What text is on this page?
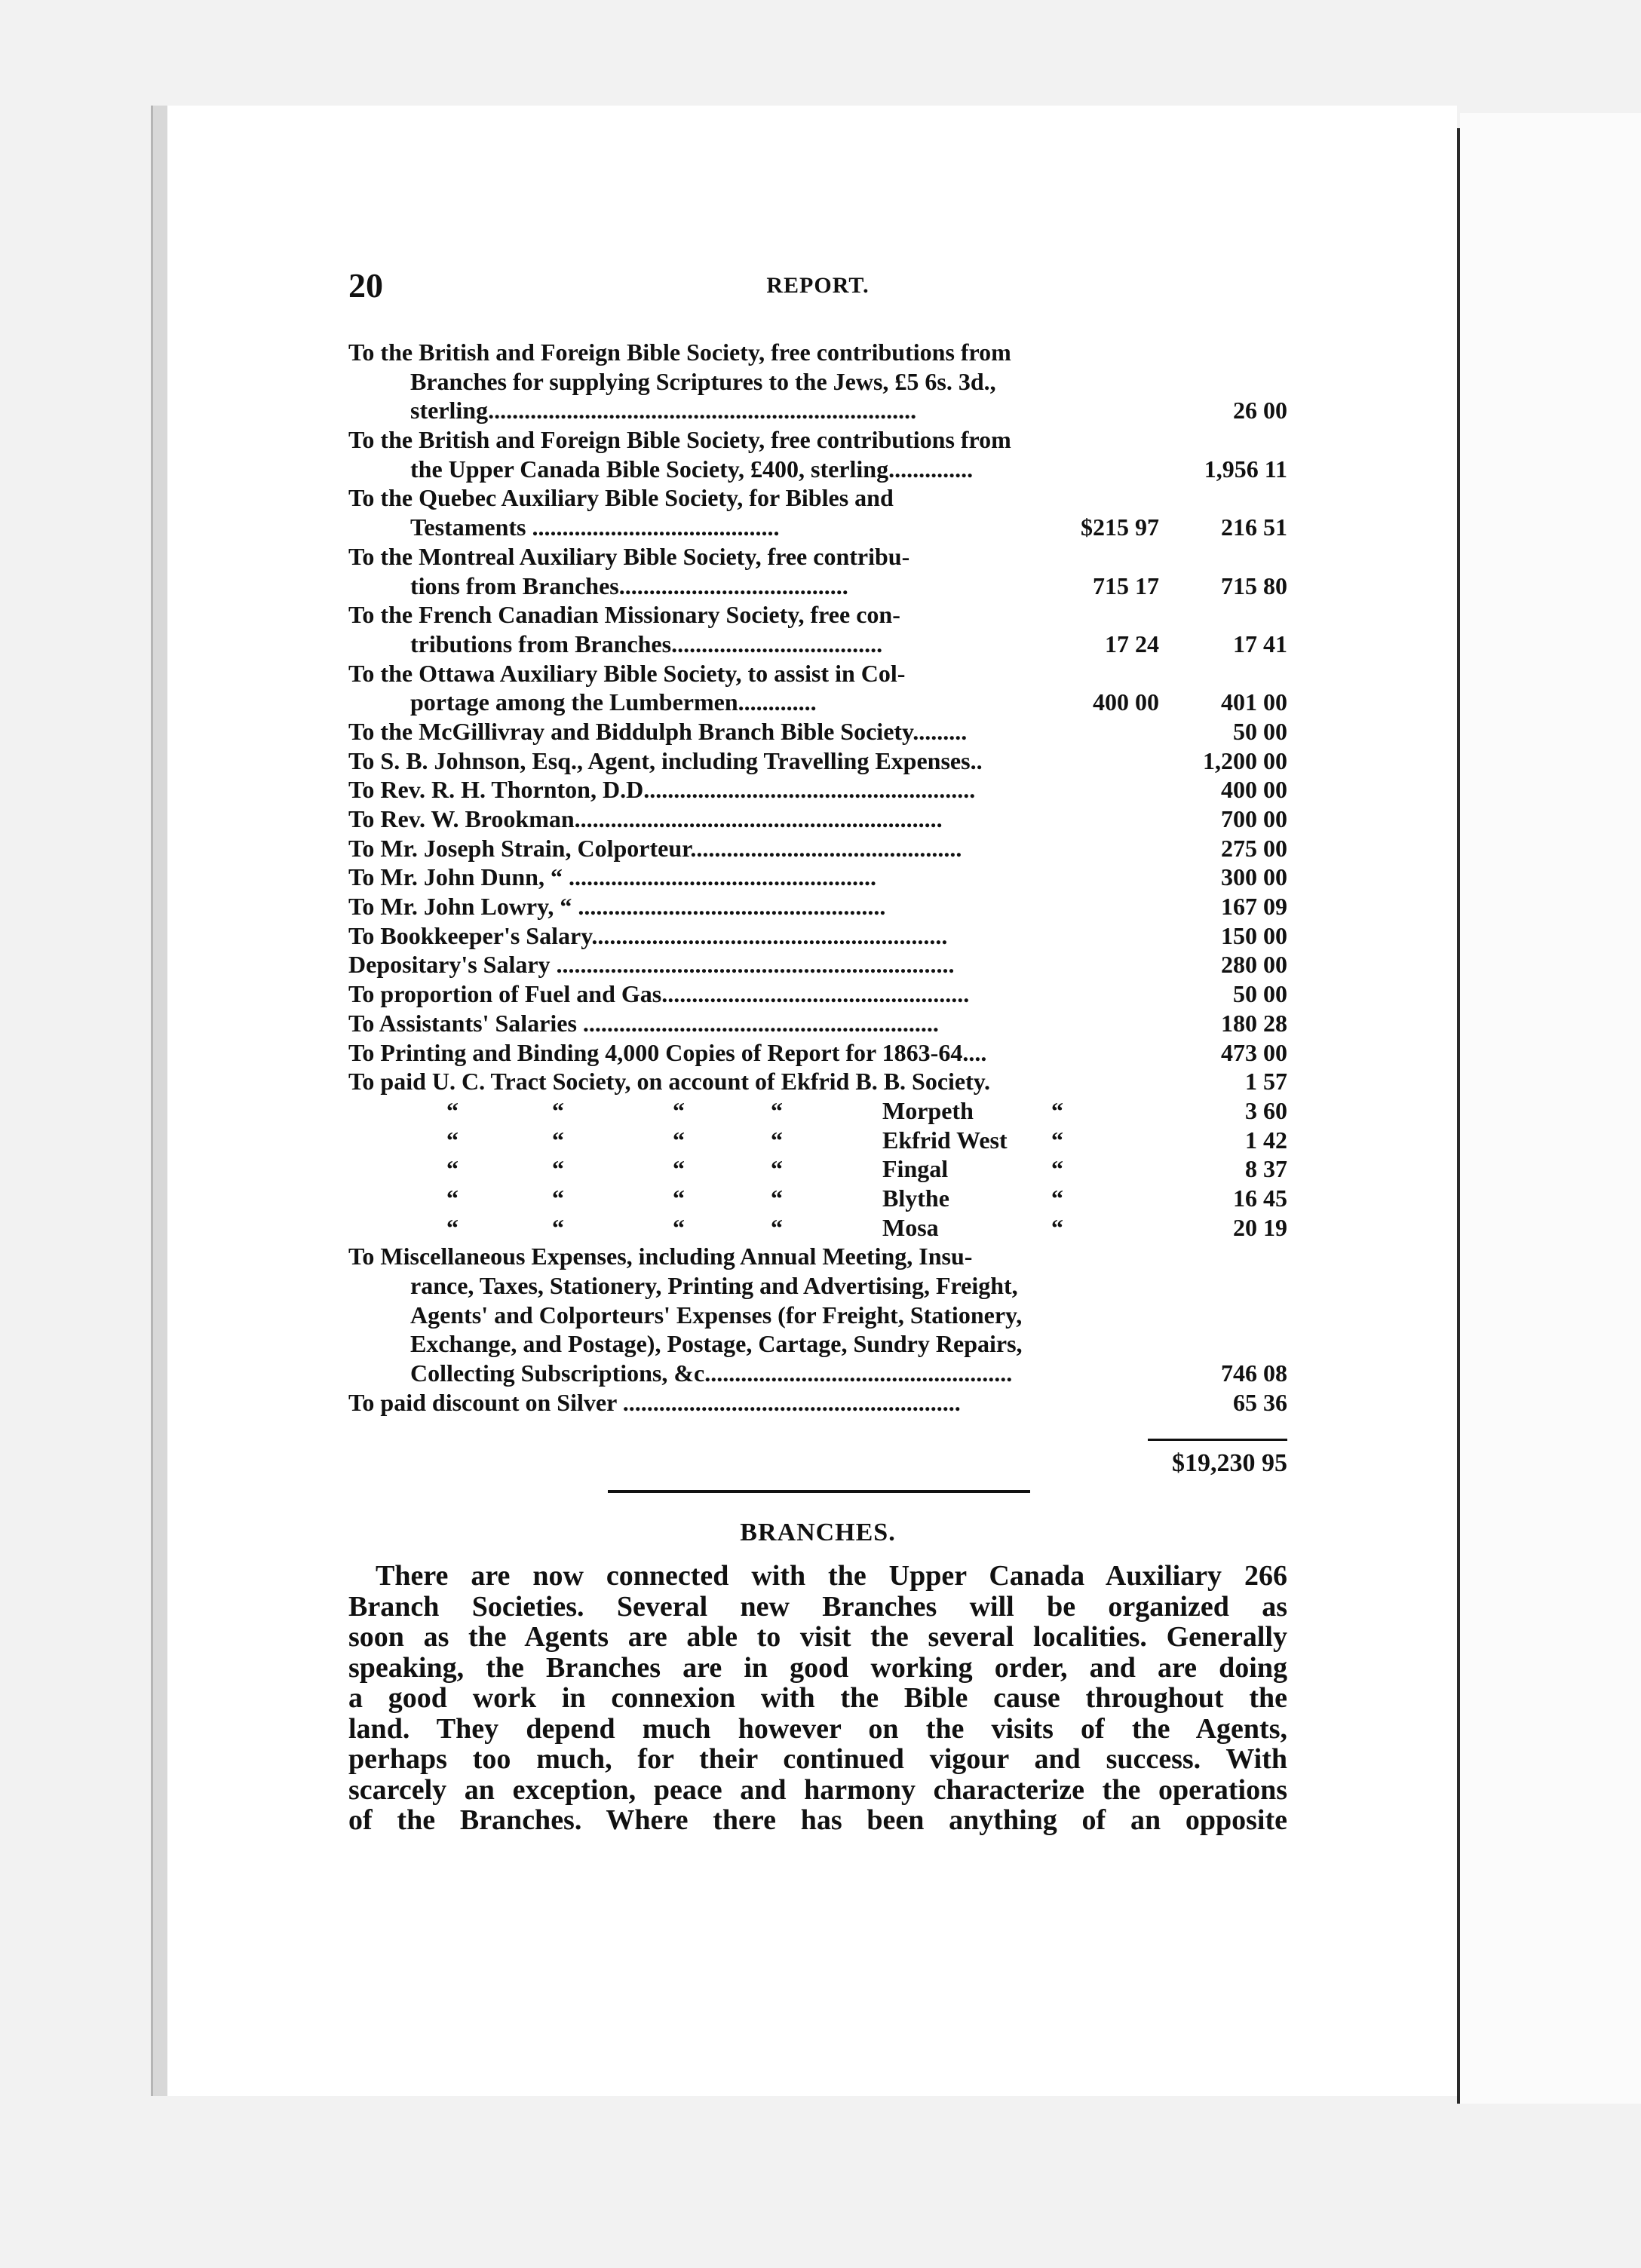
20	REPORT.
To the British and Foreign Bible Society, free contributions from
Branches for supplying Scriptures to the Jews, £5 6s. 3d.,
sterling.......................................................................	26 00
To the British and Foreign Bible Society, free contributions from
the Upper Canada Bible Society, £400, sterling..............	1,956 11
To the Quebec Auxiliary Bible Society, for Bibles and
Testaments .........................................	$215 97	216 51
To the Montreal Auxiliary Bible Society, free contribu-
tions from Branches......................................	715 17	715 80
To the French Canadian Missionary Society, free con-
tributions from Branches...................................	17 24	17 41
To the Ottawa Auxiliary Bible Society, to assist in Col-
portage among the Lumbermen.............	400 00	401 00
To the McGillivray and Biddulph Branch Bible Society.........	50 00
To S. B. Johnson, Esq., Agent, including Travelling Expenses..	1,200 00
To Rev. R. H. Thornton, D.D.......................................................	400 00
To Rev. W. Brookman.............................................................	700 00
To Mr. Joseph Strain, Colporteur.............................................	275 00
To Mr. John Dunn, “ ...................................................	300 00
To Mr. John Lowry, “ ...................................................	167 09
To Bookkeeper's Salary...........................................................	150 00
Depositary's Salary ..................................................................	280 00
To proportion of Fuel and Gas...................................................	50 00
To Assistants' Salaries ...........................................................	180 28
To Printing and Binding 4,000 Copies of Report for 1863-64....	473 00
To paid U. C. Tract Society, on account of Ekfrid B. B. Society.	1 57
“	“	“	“	Morpeth	“	3 60
“	“	“	“	Ekfrid West “	1 42
“	“	“	“	Fingal	“	8 37
“	“	“	“	Blythe	“	16 45
“	“	“	“	Mosa	“	20 19
To Miscellaneous Expenses, including Annual Meeting, Insu-
rance, Taxes, Stationery, Printing and Advertising, Freight,
Agents' and Colporteurs' Expenses (for Freight, Stationery,
Exchange, and Postage), Postage, Cartage, Sundry Repairs,
Collecting Subscriptions, &c...................................................	746 08
To paid discount on Silver ........................................................	65 36
$19,230 95
BRANCHES.
There are now connected with the Upper Canada Auxiliary 266
Branch Societies. Several new Branches will be organized as
soon as the Agents are able to visit the several localities. Generally
speaking, the Branches are in good working order, and are doing
a good work in connexion with the Bible cause throughout the
land. They depend much however on the visits of the Agents,
perhaps too much, for their continued vigour and success. With
scarcely an exception, peace and harmony characterize the operations
of the Branches. Where there has been anything of an opposite
